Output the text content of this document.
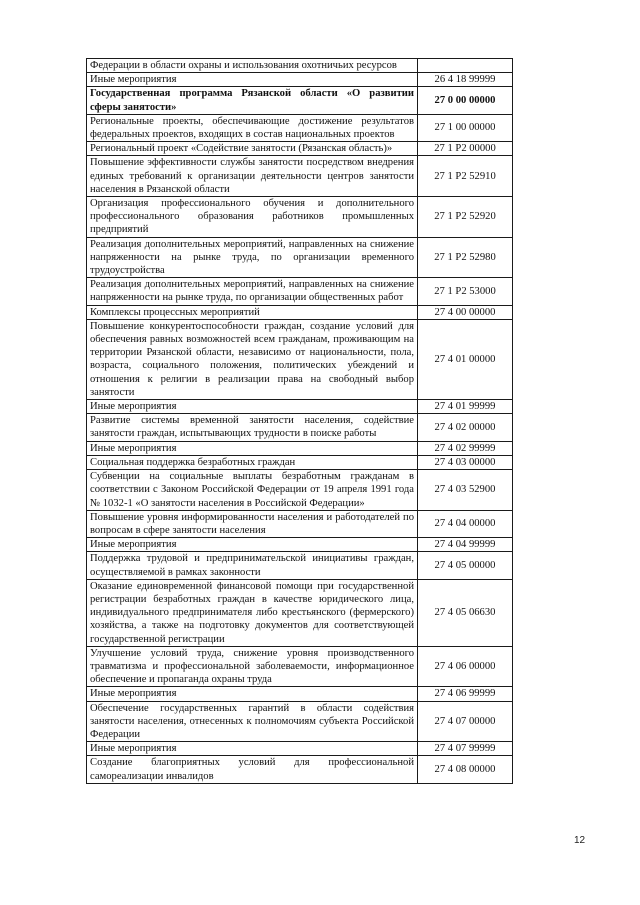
Федерации в области охраны и использования охотничьих ресурсов	
Иные мероприятия	26 4 18 99999
Государственная программа Рязанской области «О развитии сферы занятости»	27 0 00 00000
Региональные проекты, обеспечивающие достижение результатов федеральных проектов, входящих в состав национальных проектов	27 1 00 00000
Региональный проект «Содействие занятости (Рязанская область)»	27 1 P2 00000
Повышение эффективности службы занятости посредством внедрения единых требований к организации деятельности центров занятости населения в Рязанской области	27 1 P2 52910
Организация профессионального обучения и дополнительного профессионального образования работников промышленных предприятий	27 1 P2 52920
Реализация дополнительных мероприятий, направленных на снижение напряженности на рынке труда, по организации временного трудоустройства	27 1 P2 52980
Реализация дополнительных мероприятий, направленных на снижение напряженности на рынке труда, по организации общественных работ	27 1 P2 53000
Комплексы процессных мероприятий	27 4 00 00000
Повышение конкурентоспособности граждан, создание условий для обеспечения равных возможностей всем гражданам, проживающим на территории Рязанской области, независимо от национальности, пола, возраста, социального положения, политических убеждений и отношения к религии в реализации права на свободный выбор занятости	27 4 01 00000
Иные мероприятия	27 4 01 99999
Развитие системы временной занятости населения, содействие занятости граждан, испытывающих трудности в поиске работы	27 4 02 00000
Иные мероприятия	27 4 02 99999
Социальная поддержка безработных граждан	27 4 03 00000
Субвенции на социальные выплаты безработным гражданам в соответствии с Законом Российской Федерации от 19 апреля 1991 года № 1032-1 «О занятости населения в Российской Федерации»	27 4 03 52900
Повышение уровня информированности населения и работодателей по вопросам в сфере занятости населения	27 4 04 00000
Иные мероприятия	27 4 04 99999
Поддержка трудовой и предпринимательской инициативы граждан, осуществляемой в рамках законности	27 4 05 00000
Оказание единовременной финансовой помощи при государственной регистрации безработных граждан в качестве юридического лица, индивидуального предпринимателя либо крестьянского (фермерского) хозяйства, а также на подготовку документов для соответствующей государственной регистрации	27 4 05 06630
Улучшение условий труда, снижение уровня производственного травматизма и профессиональной заболеваемости, информационное обеспечение и пропаганда охраны труда	27 4 06 00000
Иные мероприятия	27 4 06 99999
Обеспечение государственных гарантий в области содействия занятости населения, отнесенных к полномочиям субъекта Российской Федерации	27 4 07 00000
Иные мероприятия	27 4 07 99999
Создание благоприятных условий для профессиональной самореализации инвалидов	27 4 08 00000
12
